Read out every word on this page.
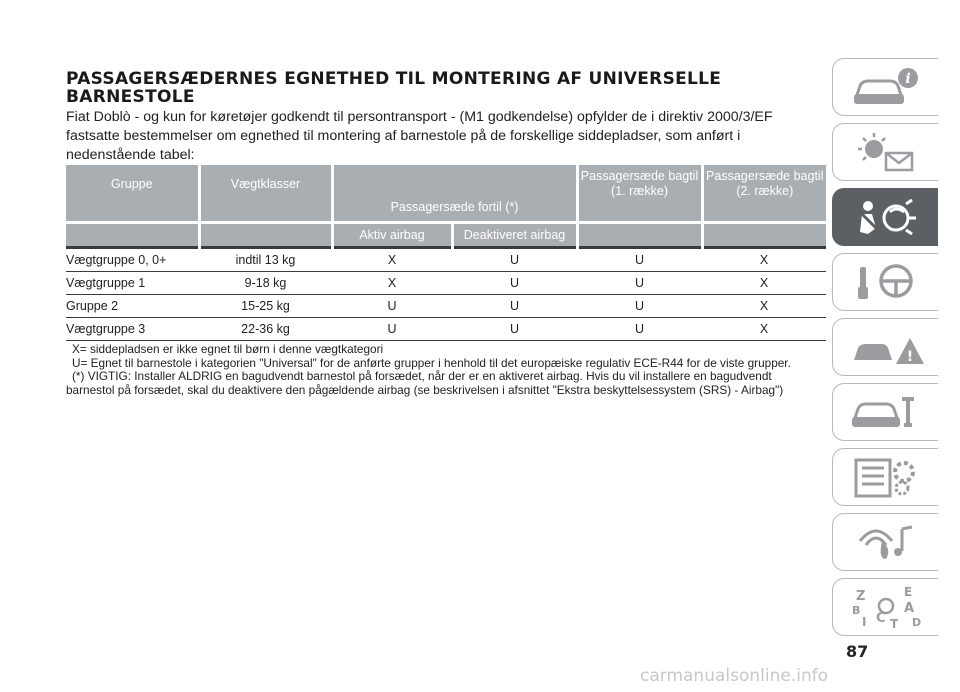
PASSAGERSÆDERNES EGNETHED TIL MONTERING AF UNIVERSELLE BARNESTOLE
Fiat Doblò - og kun for køretøjer godkendt til persontransport - (M1 godkendelse) opfylder de i direktiv 2000/3/EF fastsatte bestemmelser om egnethed til montering af barnestole på de forskellige siddepladser, som anført i nedenstående tabel:
Gruppe	Vægtklasser	Passagersæde fortil (*)		Passagersæde bagtil (1. række)	Passagersæde bagtil (2. række)
		Aktiv airbag	Deaktiveret airbag		
Vægtgruppe 0, 0+	indtil 13 kg	X	U	U	X
Vægtgruppe 1	9-18 kg	X	U	U	X
Gruppe 2	15-25 kg	U	U	U	X
Vægtgruppe 3	22-36 kg	U	U	U	X
X= siddepladsen er ikke egnet til børn i denne vægtkategori
U= Egnet til barnestole i kategorien "Universal" for de anførte grupper i henhold til det europæiske regulativ ECE-R44 for de viste grupper.
(*) VIGTIG: Installer ALDRIG en bagudvendt barnestol på forsædet, når der er en aktiveret airbag. Hvis du vil installere en bagudvendt
barnestol på forsædet, skal du deaktivere den pågældende airbag (se beskrivelsen i afsnittet "Ekstra beskyttelsessystem (SRS) - Airbag")
i
!
Z	E
B	A
I C T D
87
carmanualsonline.info
